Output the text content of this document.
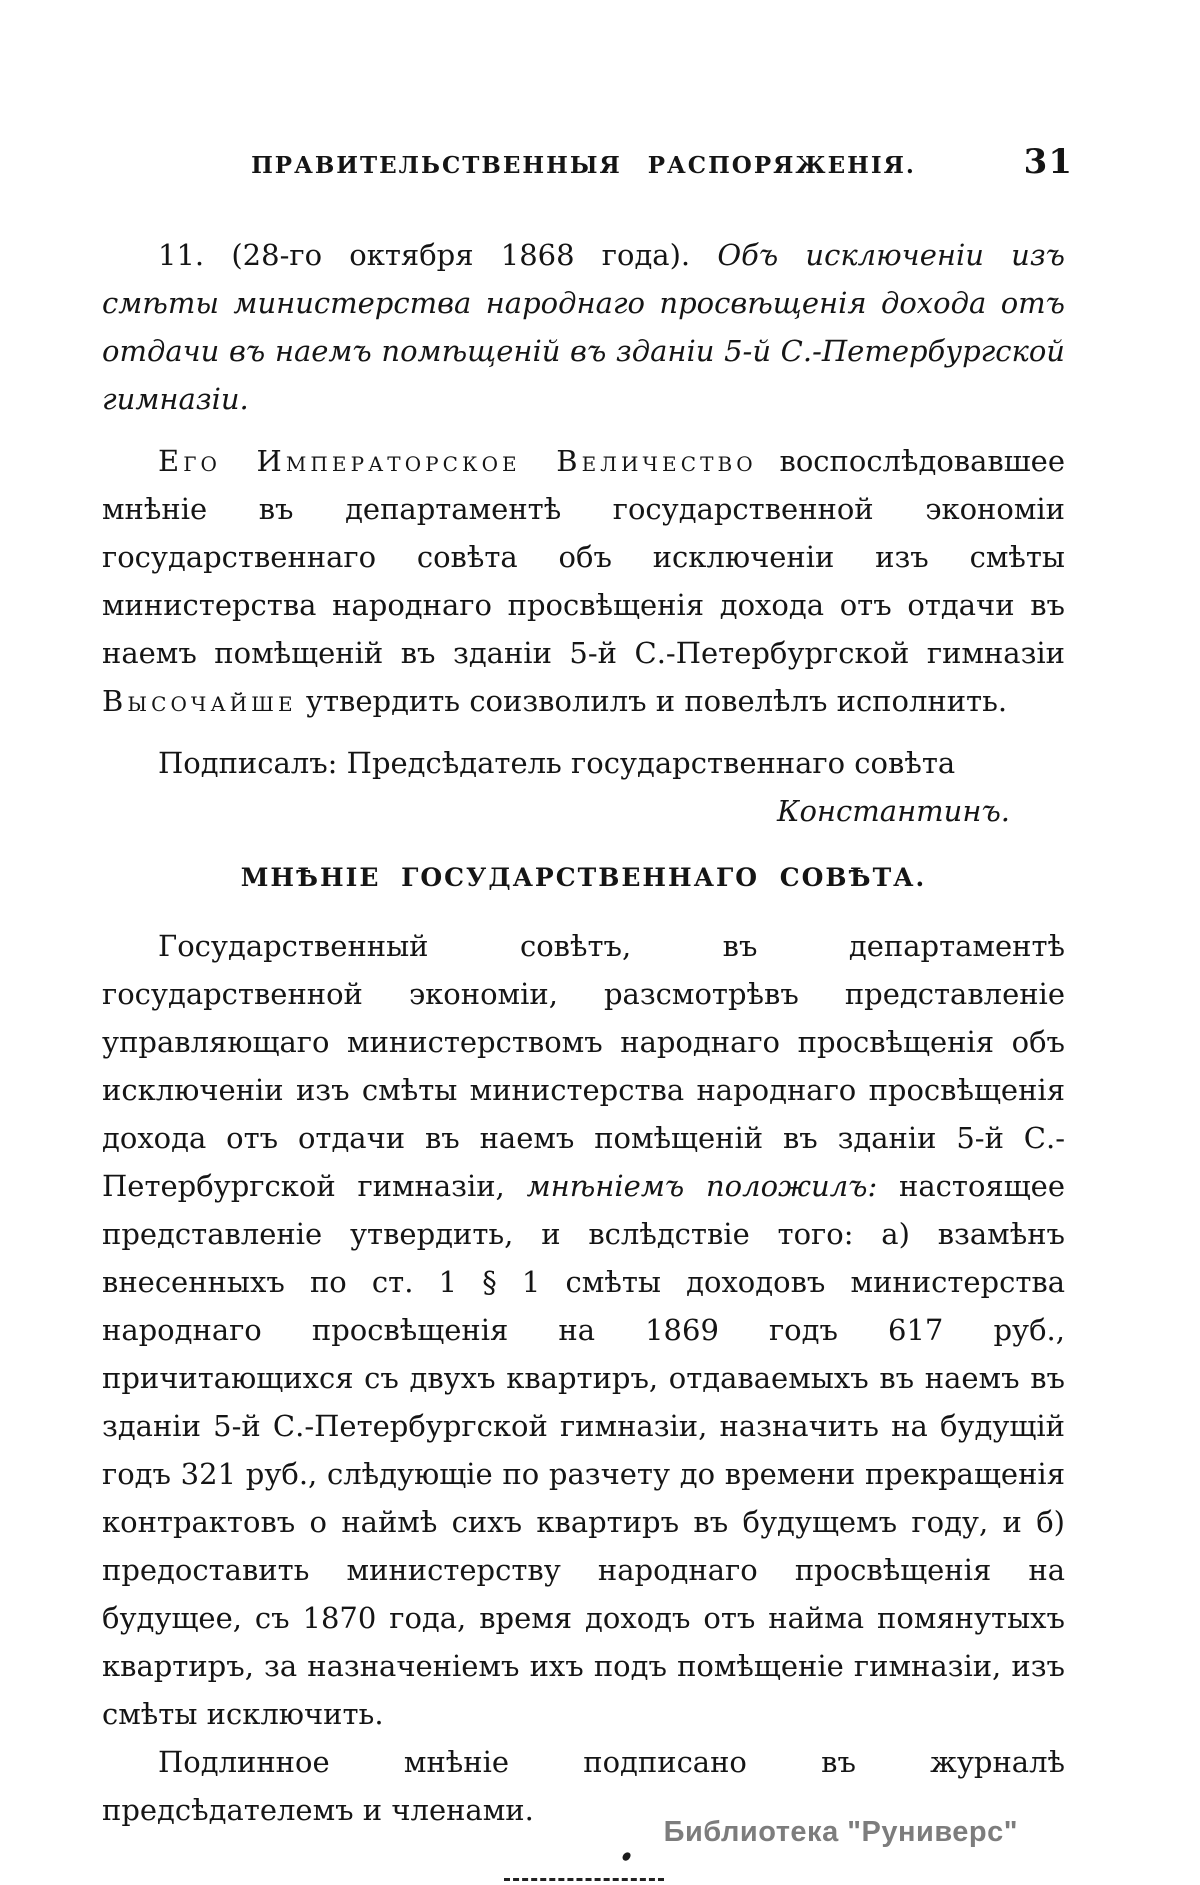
ПРАВИТЕЛЬСТВЕННЫЯ РАСПОРЯЖЕНІЯ.	31

11. (28-го октября 1868 года). Объ исключеніи изъ смѣты министерства народнаго просвѣщенія дохода отъ отдачи въ наемъ помѣщеній въ зданіи 5-й С.-Петербургской гимназіи.

Его Императорское Величество воспослѣдовавшее мнѣніе въ департаментѣ государственной экономіи государственнаго совѣта объ исключеніи изъ смѣты министерства народнаго просвѣщенія дохода отъ отдачи въ наемъ помѣщеній въ зданіи 5-й С.-Петербургской гимназіи Высочайше утвердить соизволилъ и повелѣлъ исполнить.

Подписалъ: Предсѣдатель государственнаго совѣта

Константинъ.
МНѢНІЕ ГОСУДАРСТВЕННАГО СОВѢТА.

Государственный совѣтъ, въ департаментѣ государственной экономіи, разсмотрѣвъ представленіе управляющаго министерствомъ народнаго просвѣщенія объ исключеніи изъ смѣты министерства народнаго просвѣщенія дохода отъ отдачи въ наемъ помѣщеній въ зданіи 5-й С.-Петербургской гимназіи, мнѣніемъ положилъ: настоящее представленіе утвердить, и вслѣдствіе того: а) взамѣнъ внесенныхъ по ст. 1 § 1 смѣты доходовъ министерства народнаго просвѣщенія на 1869 годъ 617 руб., причитающихся съ двухъ квартиръ, отдаваемыхъ въ наемъ въ зданіи 5-й С.-Петербургской гимназіи, назначить на будущій годъ 321 руб., слѣдующіе по разчету до времени прекращенія контрактовъ о наймѣ сихъ квартиръ въ будущемъ году, и б) предоставить министерству народнаго просвѣщенія на будущее, съ 1870 года, время доходъ отъ найма помянутыхъ квартиръ, за назначеніемъ ихъ подъ помѣщеніе гимназіи, изъ смѣты исключить.

Подлинное мнѣніе подписано въ журналѣ предсѣдателемъ и членами.

Библиотека "Руниверс"
